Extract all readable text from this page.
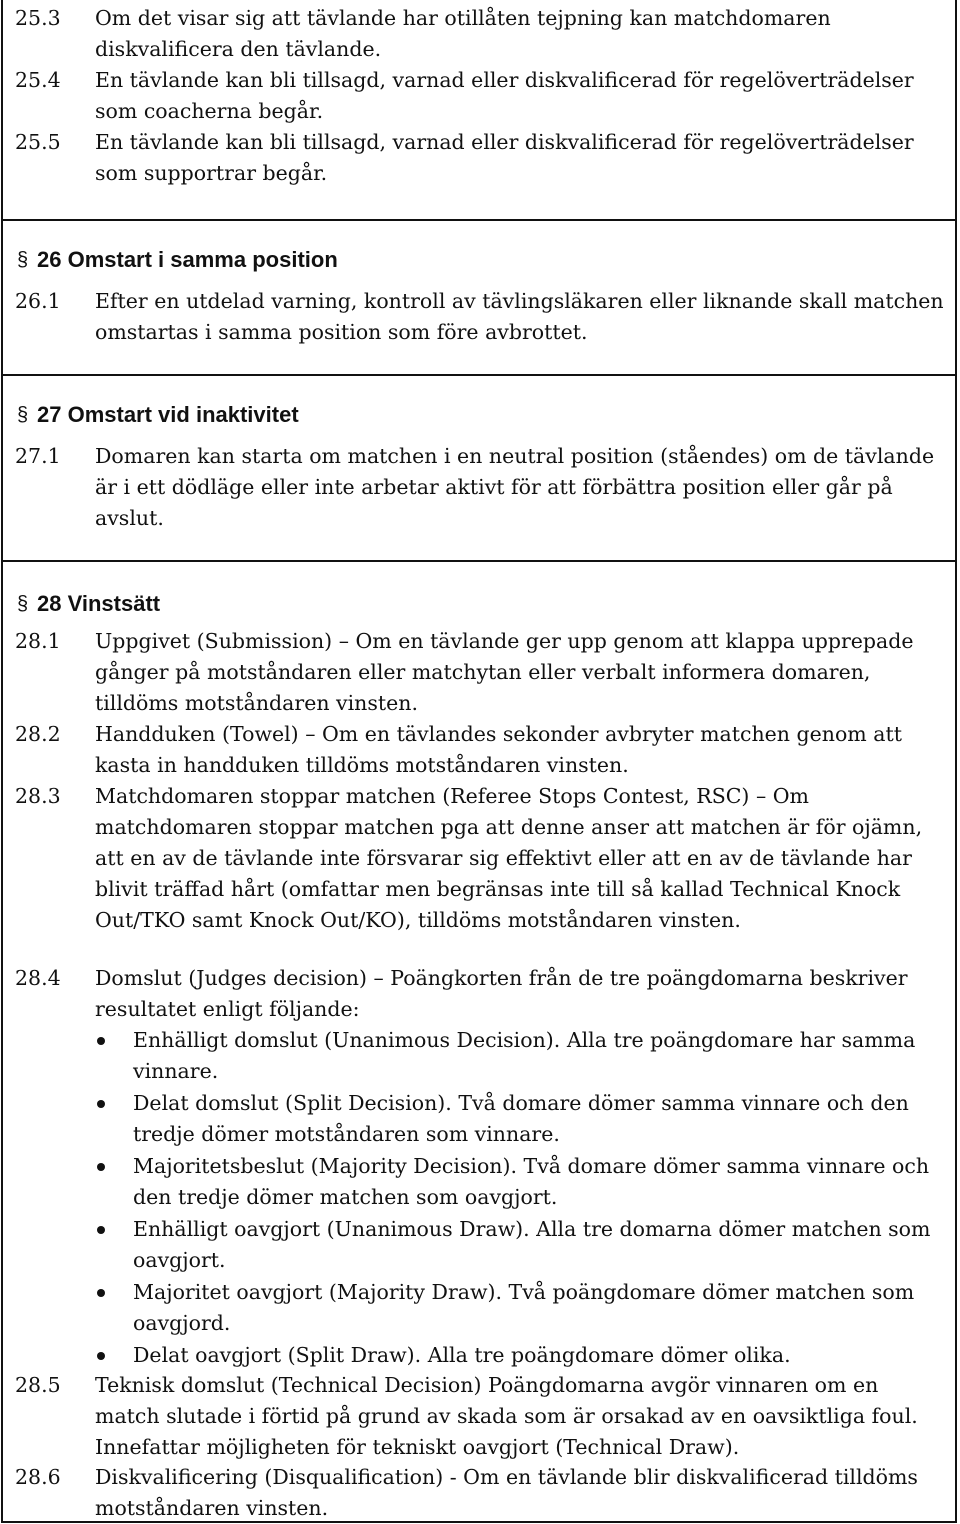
25.3	Om det visar sig att tävlande har otillåten tejpning kan matchdomaren diskvalificera den tävlande.
25.4	En tävlande kan bli tillsagd, varnad eller diskvalificerad för regelöverträdelser som coacherna begår.
25.5	En tävlande kan bli tillsagd, varnad eller diskvalificerad för regelöverträdelser som supportrar begår.
§ 26 Omstart i samma position
26.1	Efter en utdelad varning, kontroll av tävlingsläkaren eller liknande skall matchen omstartas i samma position som före avbrottet.
§ 27 Omstart vid inaktivitet
27.1	Domaren kan starta om matchen i en neutral position (ståendes) om de tävlande är i ett dödläge eller inte arbetar aktivt för att förbättra position eller går på avslut.
§ 28 Vinstsätt
28.1	Uppgivet (Submission) – Om en tävlande ger upp genom att klappa upprepade gånger på motståndaren eller matchytan eller verbalt informera domaren, tilldöms motståndaren vinsten.
28.2	Handduken (Towel) – Om en tävlandes sekonder avbryter matchen genom att kasta in handduken tilldöms motståndaren vinsten.
28.3	Matchdomaren stoppar matchen (Referee Stops Contest, RSC) – Om matchdomaren stoppar matchen pga att denne anser att matchen är för ojämn, att en av de tävlande inte försvarar sig effektivt eller att en av de tävlande har blivit träffad hårt (omfattar men begränsas inte till så kallad Technical Knock Out/TKO samt Knock Out/KO), tilldöms motståndaren vinsten.
28.4	Domslut (Judges decision) – Poängkorten från de tre poängdomarna beskriver resultatet enligt följande:
Enhälligt domslut (Unanimous Decision). Alla tre poängdomare har samma vinnare.
Delat domslut (Split Decision). Två domare dömer samma vinnare och den tredje dömer motståndaren som vinnare.
Majoritetsbeslut (Majority Decision). Två domare dömer samma vinnare och den tredje dömer matchen som oavgjort.
Enhälligt oavgjort (Unanimous Draw). Alla tre domarna dömer matchen som oavgjort.
Majoritet oavgjort (Majority Draw). Två poängdomare dömer matchen som oavgjord.
Delat oavgjort (Split Draw). Alla tre poängdomare dömer olika.
28.5	Teknisk domslut (Technical Decision) Poängdomarna avgör vinnaren om en match slutade i förtid på grund av skada som är orsakad av en oavsiktliga foul. Innefattar möjligheten för tekniskt oavgjort (Technical Draw).
28.6	Diskvalificering (Disqualification) - Om en tävlande blir diskvalificerad tilldöms motståndaren vinsten.
